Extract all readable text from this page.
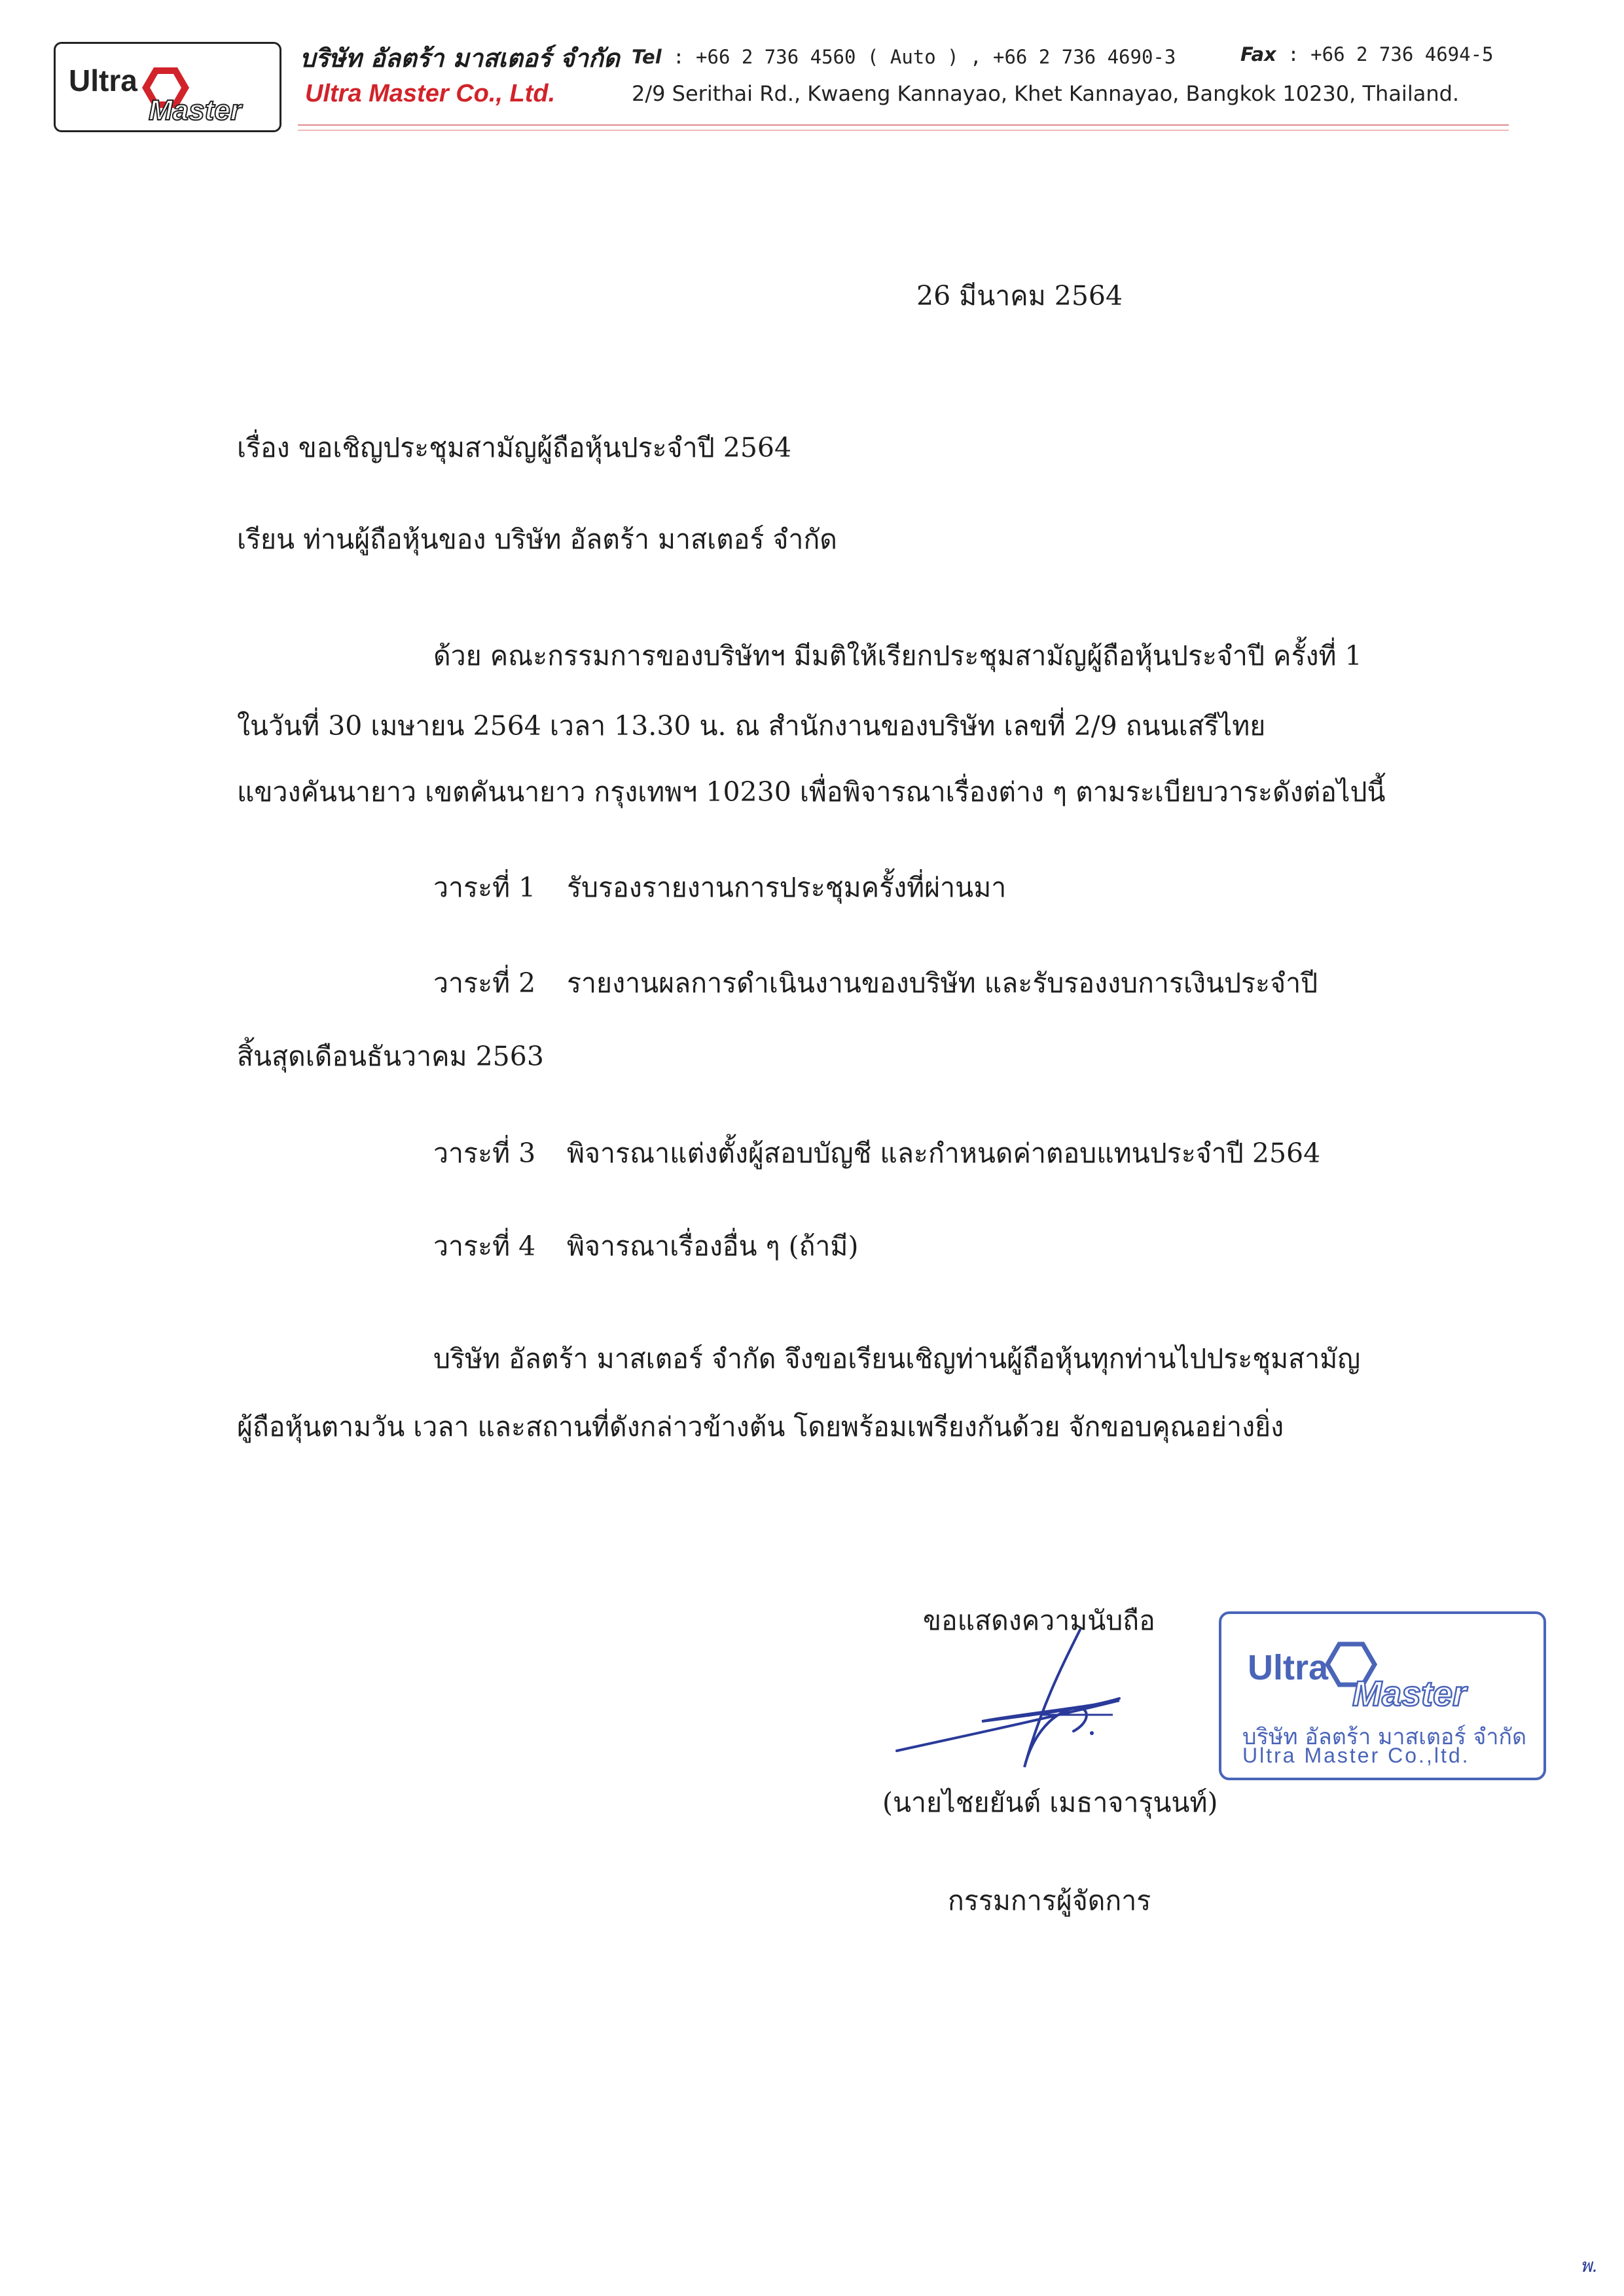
Ultra
Master
บริษัท อัลตร้า มาสเตอร์ จำกัด
Ultra Master Co., Ltd.
Tel : +66 2 736 4560 ( Auto ) , +66 2 736 4690-3	Fax : +66 2 736 4694-5
2/9 Serithai Rd., Kwaeng Kannayao, Khet Kannayao, Bangkok 10230, Thailand.
26 มีนาคม 2564
เรื่อง ขอเชิญประชุมสามัญผู้ถือหุ้นประจำปี 2564
เรียน ท่านผู้ถือหุ้นของ บริษัท อัลตร้า มาสเตอร์ จำกัด
ด้วย คณะกรรมการของบริษัทฯ มีมติให้เรียกประชุมสามัญผู้ถือหุ้นประจำปี ครั้งที่ 1
ในวันที่ 30 เมษายน 2564 เวลา 13.30 น. ณ สำนักงานของบริษัท เลขที่ 2/9 ถนนเสรีไทย
แขวงคันนายาว เขตคันนายาว กรุงเทพฯ 10230 เพื่อพิจารณาเรื่องต่าง ๆ ตามระเบียบวาระดังต่อไปนี้
วาระที่ 1 รับรองรายงานการประชุมครั้งที่ผ่านมา
วาระที่ 2 รายงานผลการดำเนินงานของบริษัท และรับรองงบการเงินประจำปี
สิ้นสุดเดือนธันวาคม 2563
วาระที่ 3 พิจารณาแต่งตั้งผู้สอบบัญชี และกำหนดค่าตอบแทนประจำปี 2564
วาระที่ 4 พิจารณาเรื่องอื่น ๆ (ถ้ามี)
บริษัท อัลตร้า มาสเตอร์ จำกัด จึงขอเรียนเชิญท่านผู้ถือหุ้นทุกท่านไปประชุมสามัญ
ผู้ถือหุ้นตามวัน เวลา และสถานที่ดังกล่าวข้างต้น โดยพร้อมเพรียงกันด้วย จักขอบคุณอย่างยิ่ง
ขอแสดงความนับถือ
(นายไชยยันต์ เมธาจารุนนท์)
กรรมการผู้จัดการ
Ultra
Master
บริษัท อัลตร้า มาสเตอร์ จำกัด
Ultra Master Co.,ltd.
พ.
